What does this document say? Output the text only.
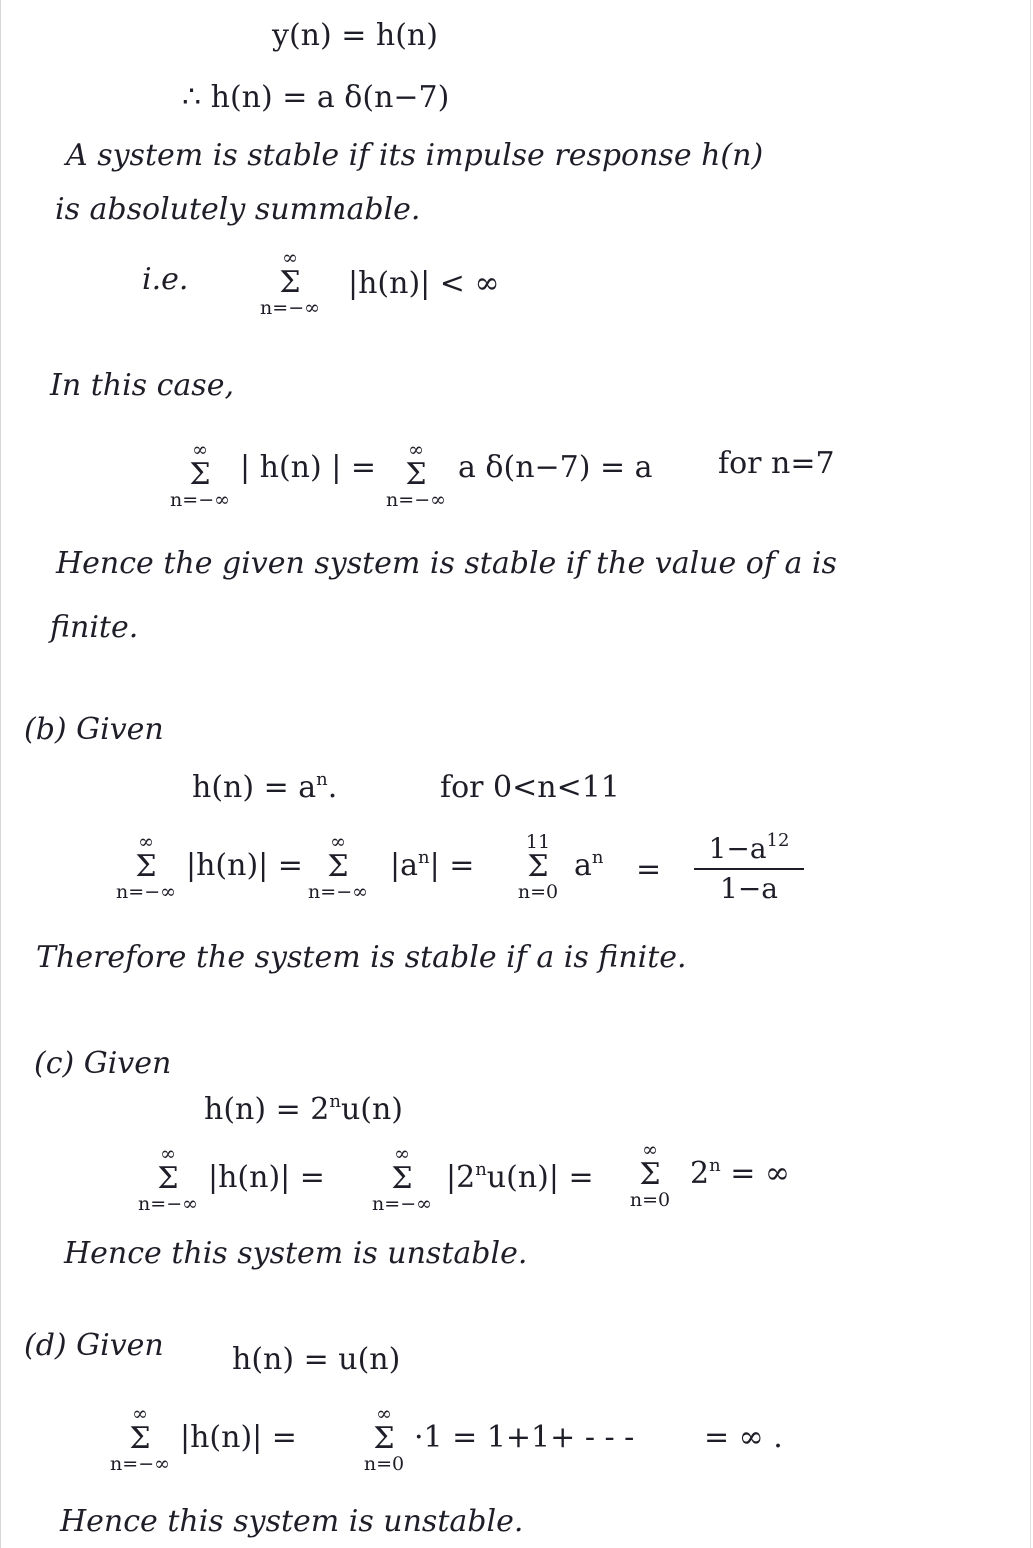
y(n) = h(n)
∴ h(n) = a δ(n−7)
A system is stable if its impulse response h(n)
is absolutely summable.
i.e.
∞
Σ
n=−∞
|h(n)| < ∞
In this case,
∞
Σ
n=−∞
| h(n) | =	∞
Σ
n=−∞
a δ(n−7) = a for n=7
Hence the given system is stable if the value of a is
finite.
(b) Given
$h(n) = a^n$.	for 0<n<11
∞
Σ
n=−∞
|h(n)| =
∞
Σ
n=−∞
$|a^n|$ =
11
Σ
n=0
$a^n$ =
$1-a^{12}$
1−a
Therefore the system is stable if a is finite.
(c) Given
$h(n) = 2^nu(n)$
∞
Σ
n=−∞
|h(n)| =
∞
Σ
n=−∞
$|2^nu(n)|$ =
∞
Σ
n=0
$2^n$ = ∞
Hence this system is unstable.
(d) Given h(n) = u(n)
∞
Σ
n=−∞
|h(n)| =
∞
Σ
n=0
·1 = 1+1+ - - - = ∞ .
Hence this system is unstable.
